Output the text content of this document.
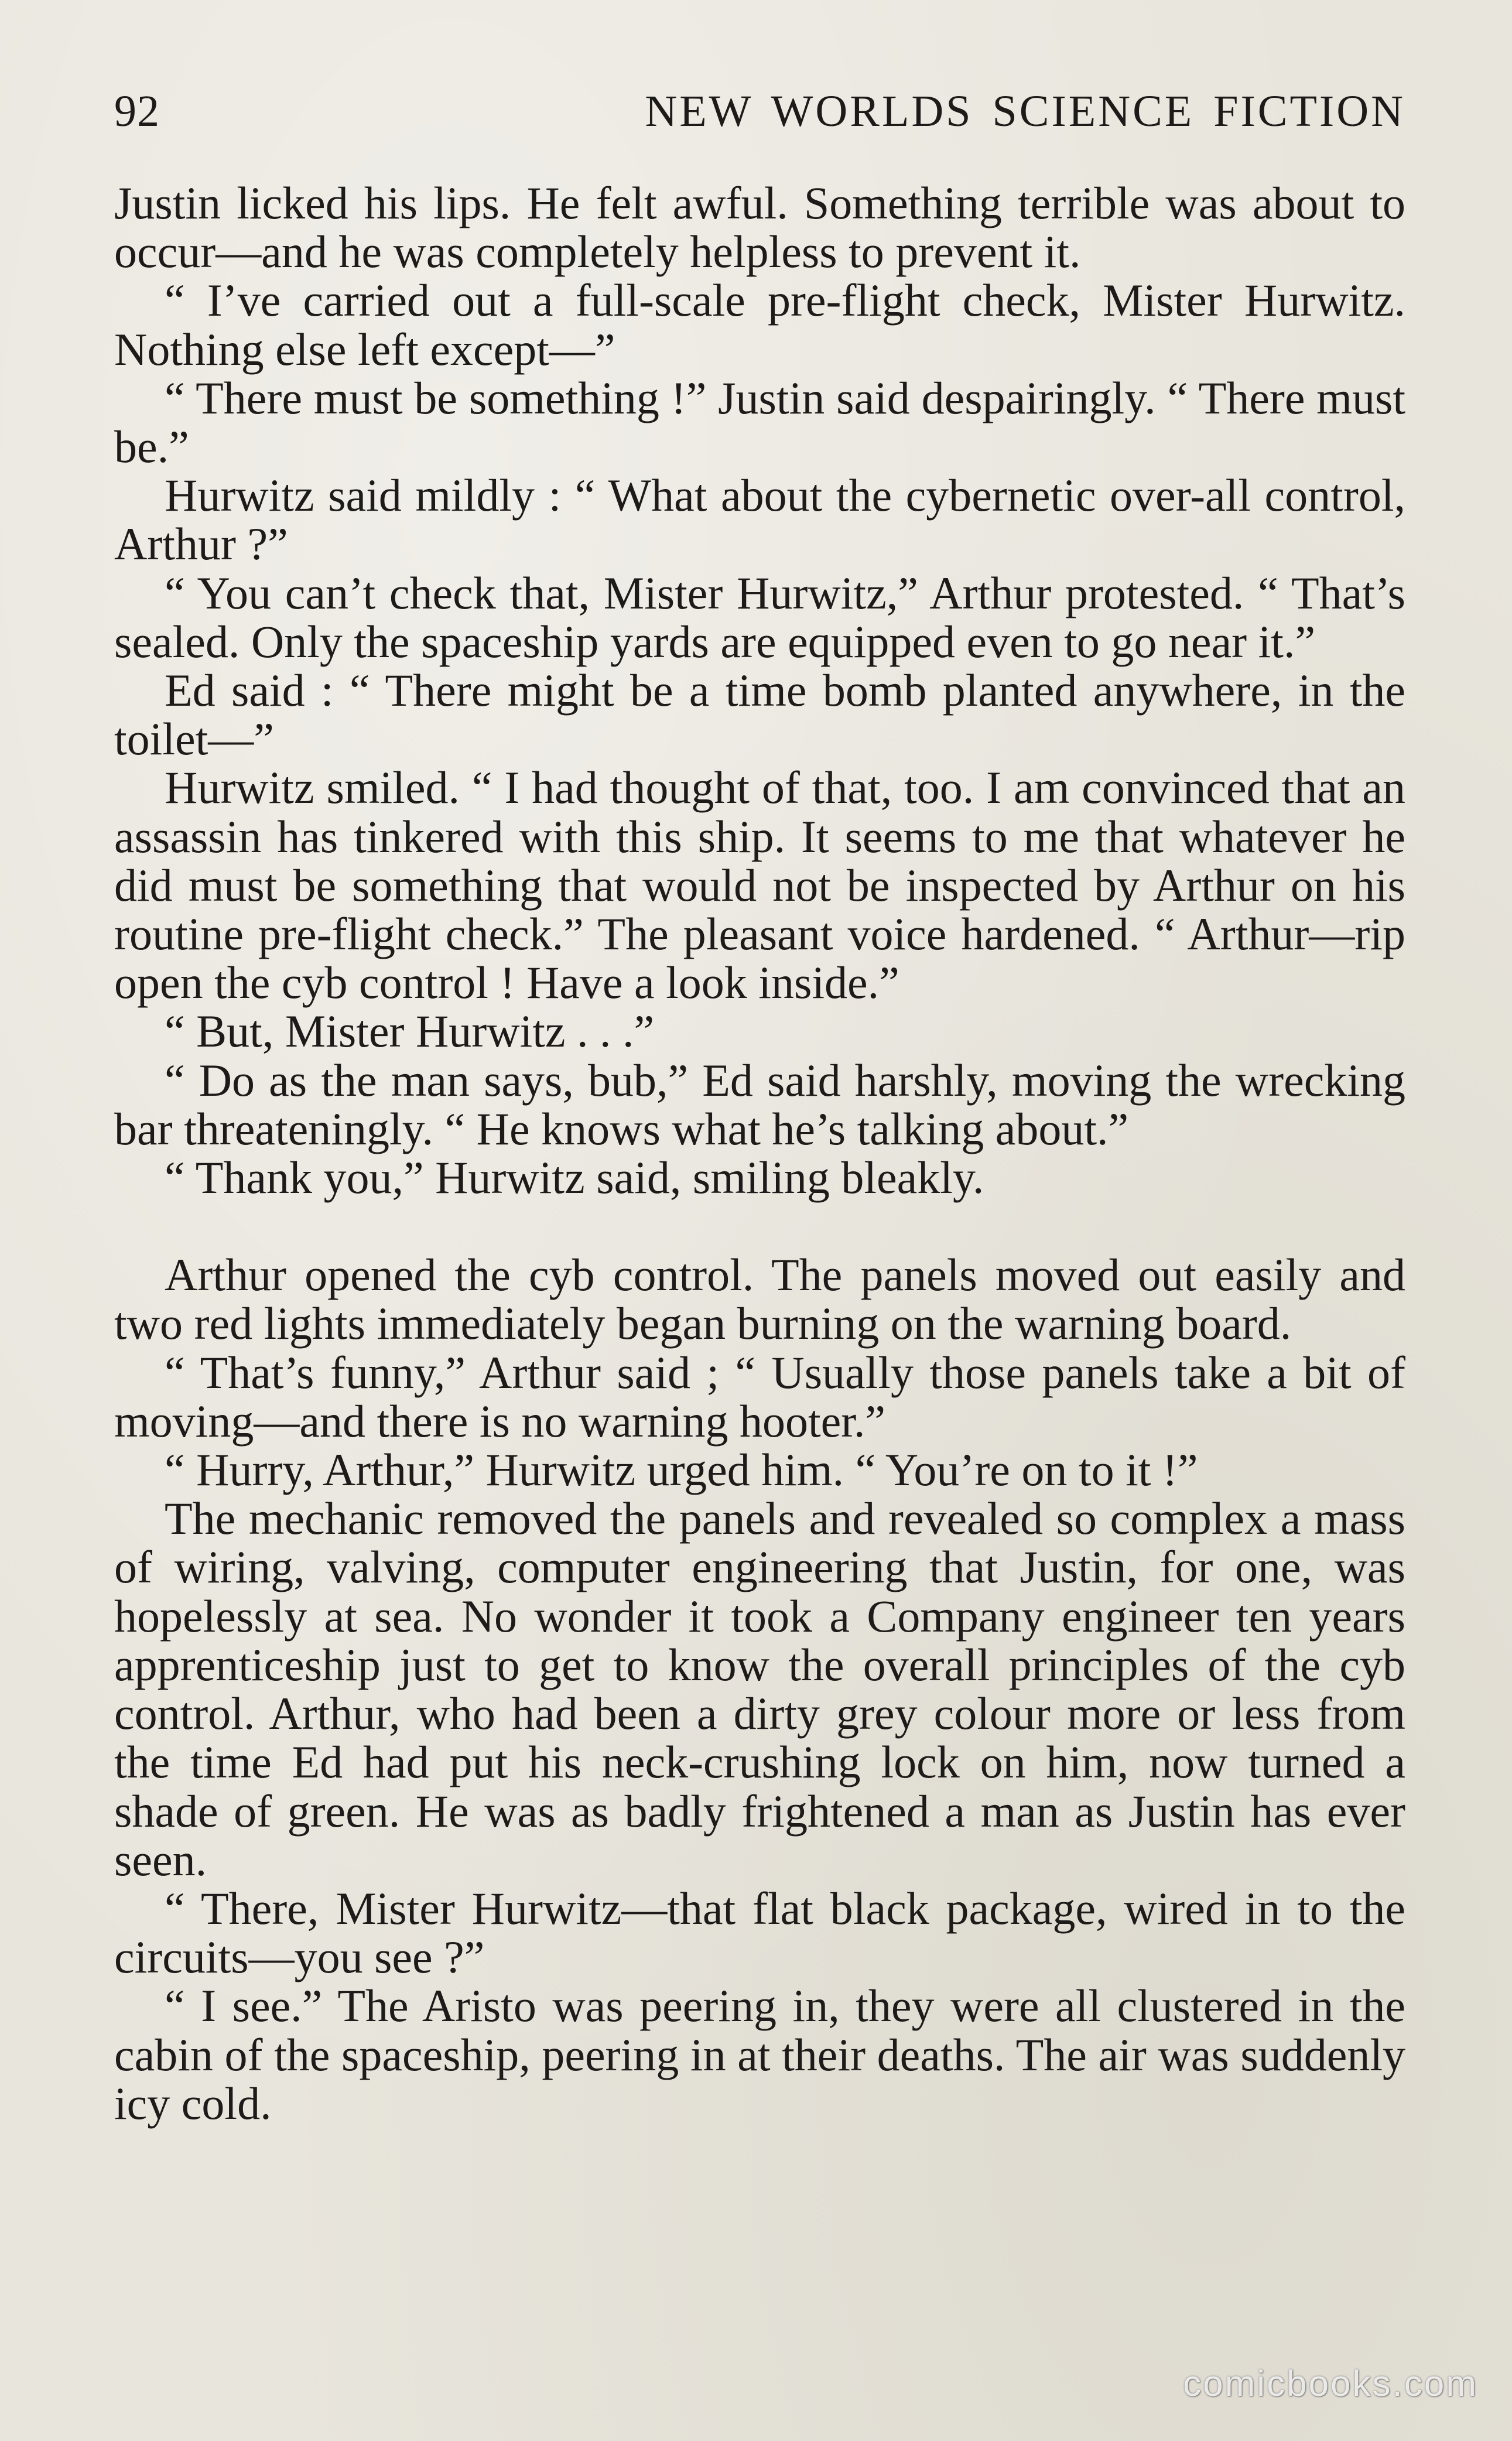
92	NEW WORLDS SCIENCE FICTION

Justin licked his lips. He felt awful. Something terrible was about to occur—and he was completely helpless to prevent it.

“ I’ve carried out a full-scale pre-flight check, Mister Hurwitz. Nothing else left except—”

“ There must be something !” Justin said despairingly. “ There must be.”

Hurwitz said mildly : “ What about the cybernetic over-all control, Arthur ?”

“ You can’t check that, Mister Hurwitz,” Arthur protested. “ That’s sealed. Only the spaceship yards are equipped even to go near it.”

Ed said : “ There might be a time bomb planted anywhere, in the toilet—”

Hurwitz smiled. “ I had thought of that, too. I am convinced that an assassin has tinkered with this ship. It seems to me that whatever he did must be something that would not be inspected by Arthur on his routine pre-flight check.” The pleasant voice hardened. “ Arthur—rip open the cyb control ! Have a look inside.”

“ But, Mister Hurwitz . . .”

“ Do as the man says, bub,” Ed said harshly, moving the wrecking bar threateningly. “ He knows what he’s talking about.”

“ Thank you,” Hurwitz said, smiling bleakly.

Arthur opened the cyb control. The panels moved out easily and two red lights immediately began burning on the warning board.

“ That’s funny,” Arthur said ; “ Usually those panels take a bit of moving—and there is no warning hooter.”

“ Hurry, Arthur,” Hurwitz urged him. “ You’re on to it !”

The mechanic removed the panels and revealed so complex a mass of wiring, valving, computer engineering that Justin, for one, was hopelessly at sea. No wonder it took a Company engineer ten years apprenticeship just to get to know the overall principles of the cyb control. Arthur, who had been a dirty grey colour more or less from the time Ed had put his neck-crushing lock on him, now turned a shade of green. He was as badly frightened a man as Justin has ever seen.

“ There, Mister Hurwitz—that flat black package, wired in to the circuits—you see ?”

“ I see.” The Aristo was peering in, they were all clustered in the cabin of the spaceship, peering in at their deaths. The air was suddenly icy cold.

comicbooks.com
